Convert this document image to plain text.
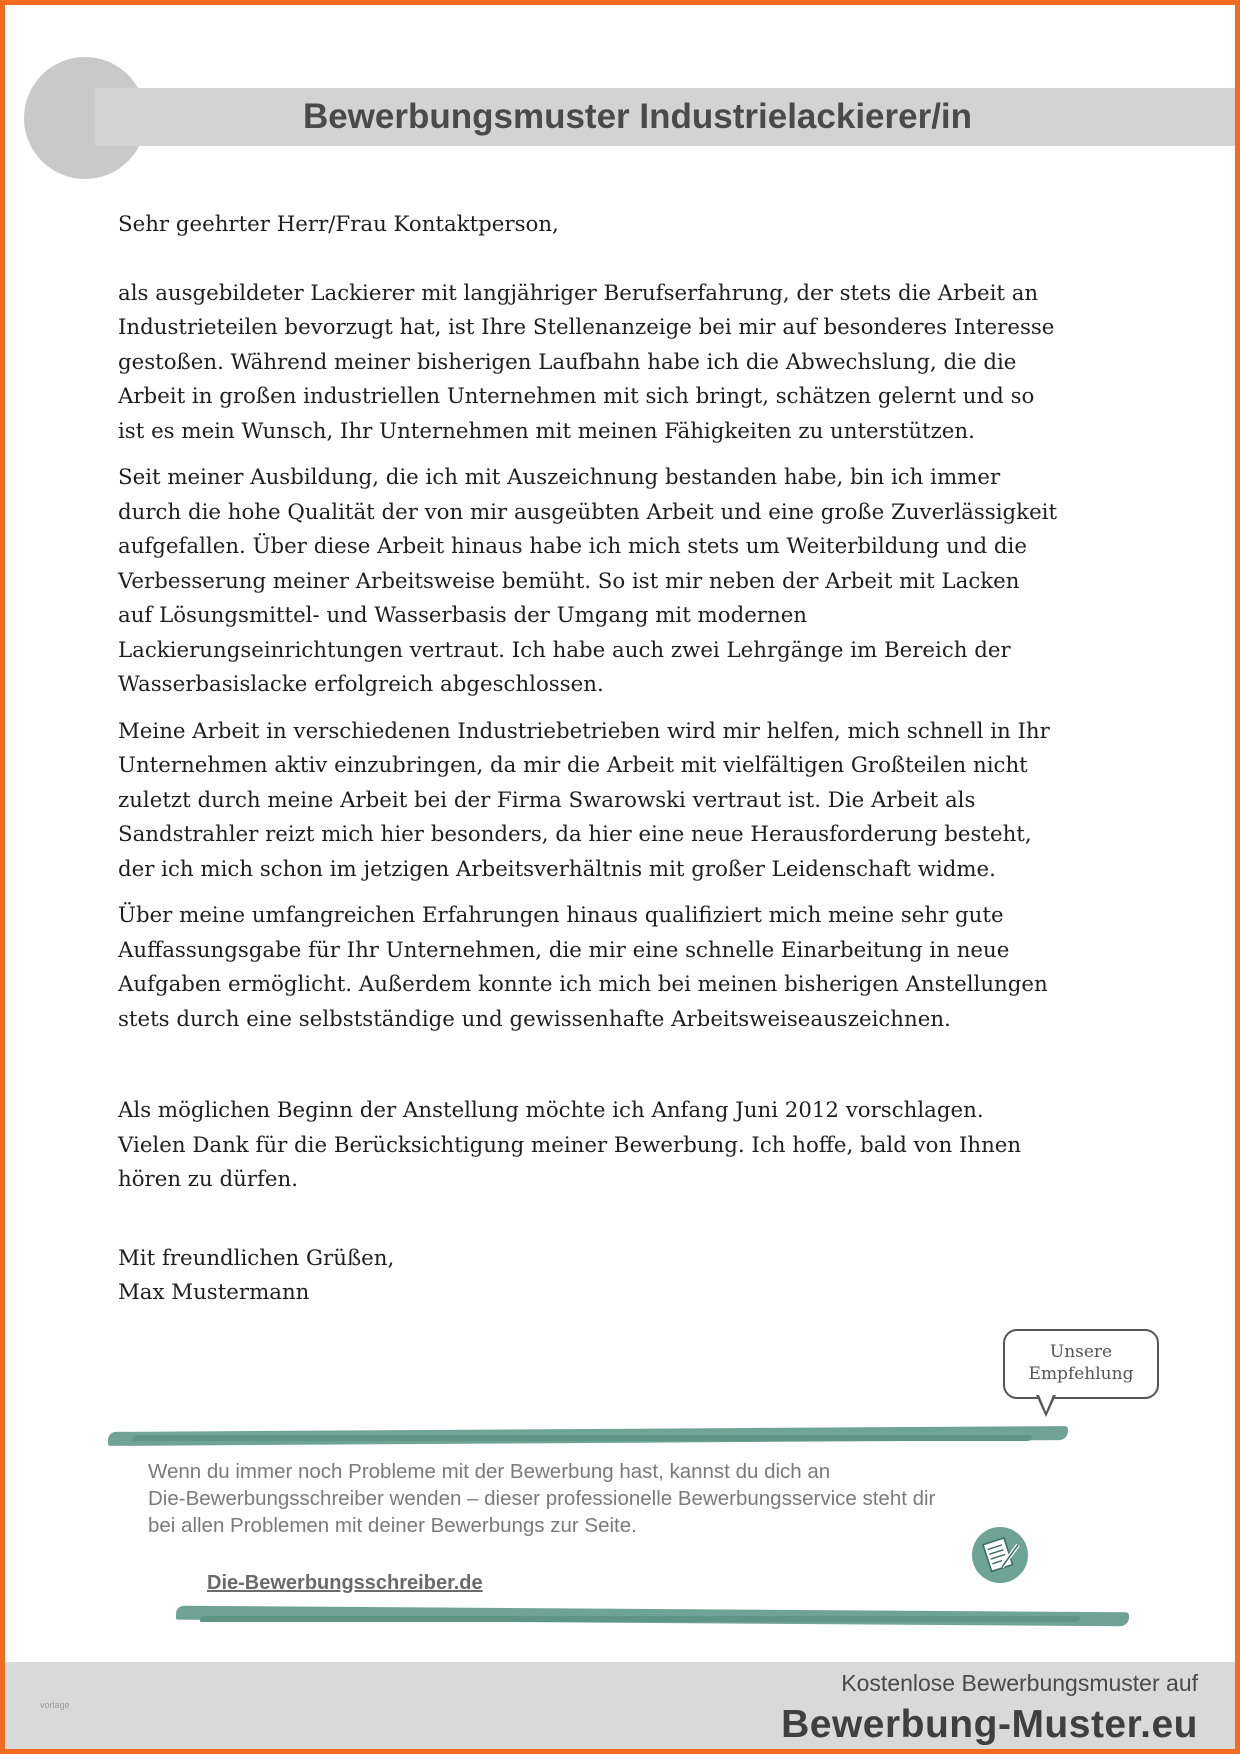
Bewerbungsmuster Industrielackierer/in

Sehr geehrter Herr/Frau Kontaktperson,

als ausgebildeter Lackierer mit langjähriger Berufserfahrung, der stets die Arbeit an

Industrieteilen bevorzugt hat, ist Ihre Stellenanzeige bei mir auf besonderes Interesse

gestoßen. Während meiner bisherigen Laufbahn habe ich die Abwechslung, die die

Arbeit in großen industriellen Unternehmen mit sich bringt, schätzen gelernt und so

ist es mein Wunsch, Ihr Unternehmen mit meinen Fähigkeiten zu unterstützen.

Seit meiner Ausbildung, die ich mit Auszeichnung bestanden habe, bin ich immer

durch die hohe Qualität der von mir ausgeübten Arbeit und eine große Zuverlässigkeit

aufgefallen. Über diese Arbeit hinaus habe ich mich stets um Weiterbildung und die

Verbesserung meiner Arbeitsweise bemüht. So ist mir neben der Arbeit mit Lacken

auf Lösungsmittel- und Wasserbasis der Umgang mit modernen

Lackierungseinrichtungen vertraut. Ich habe auch zwei Lehrgänge im Bereich der

Wasserbasislacke erfolgreich abgeschlossen.

Meine Arbeit in verschiedenen Industriebetrieben wird mir helfen, mich schnell in Ihr

Unternehmen aktiv einzubringen, da mir die Arbeit mit vielfältigen Großteilen nicht

zuletzt durch meine Arbeit bei der Firma Swarowski vertraut ist. Die Arbeit als

Sandstrahler reizt mich hier besonders, da hier eine neue Herausforderung besteht,

der ich mich schon im jetzigen Arbeitsverhältnis mit großer Leidenschaft widme.

Über meine umfangreichen Erfahrungen hinaus qualifiziert mich meine sehr gute

Auffassungsgabe für Ihr Unternehmen, die mir eine schnelle Einarbeitung in neue

Aufgaben ermöglicht. Außerdem konnte ich mich bei meinen bisherigen Anstellungen

stets durch eine selbstständige und gewissenhafte Arbeitsweiseauszeichnen.

Als möglichen Beginn der Anstellung möchte ich Anfang Juni 2012 vorschlagen.

Vielen Dank für die Berücksichtigung meiner Bewerbung. Ich hoffe, bald von Ihnen

hören zu dürfen.

Mit freundlichen Grüßen,

Max Mustermann

Unsere
Empfehlung

Wenn du immer noch Probleme mit der Bewerbung hast, kannst du dich an

Die-Bewerbungsschreiber wenden – dieser professionelle Bewerbungsservice steht dir

bei allen Problemen mit deiner Bewerbungs zur Seite.

Die-Bewerbungsschreiber.de
vorlage
Kostenlose Bewerbungsmuster auf
Bewerbung-Muster.eu
